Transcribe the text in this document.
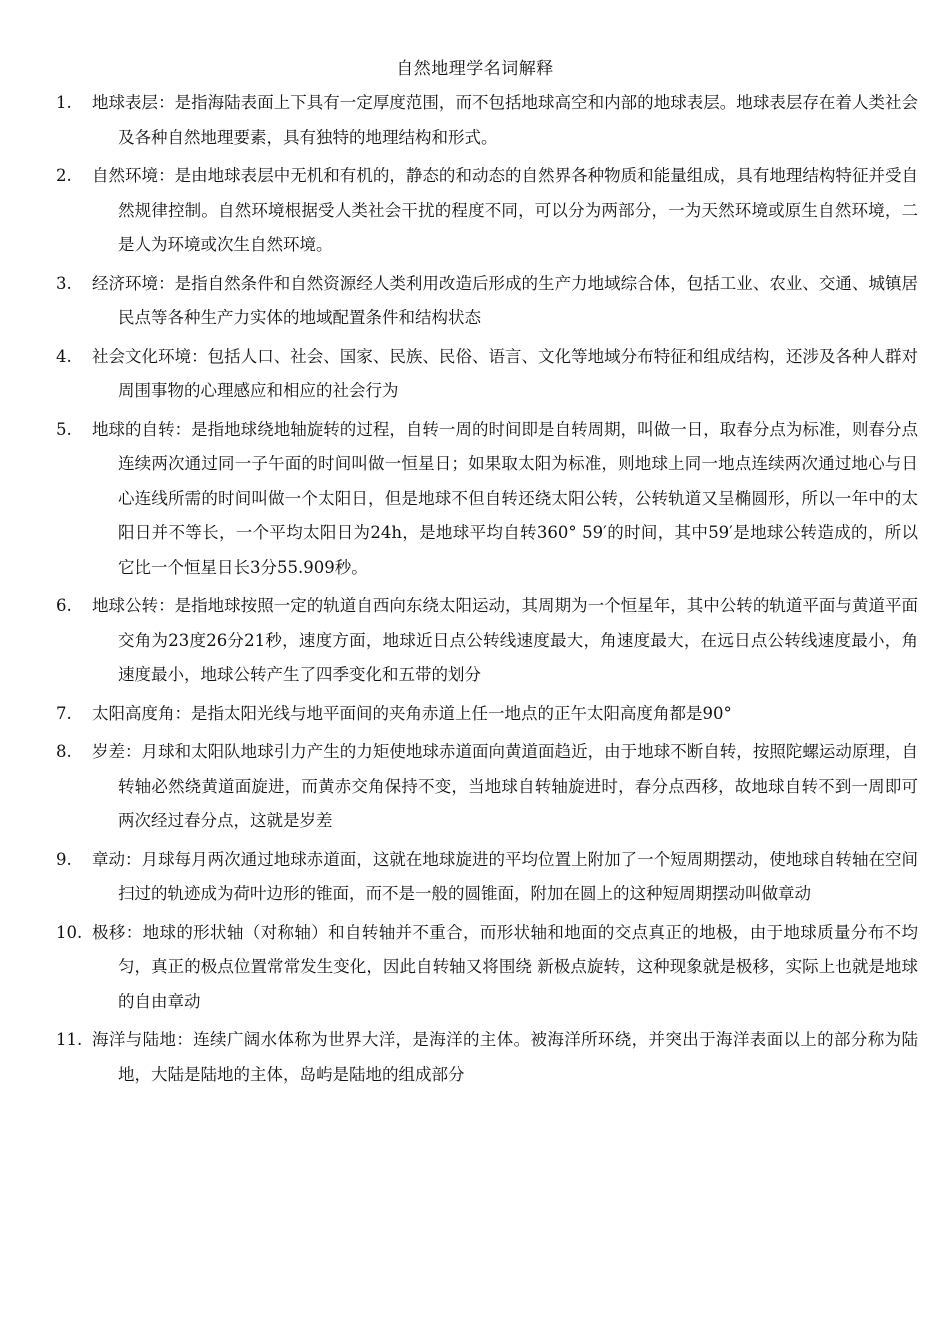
自然地理学名词解释
1. 地球表层：是指海陆表面上下具有一定厚度范围，而不包括地球高空和内部的地球表层。地球表层存在着人类社会及各种自然地理要素，具有独特的地理结构和形式。
2. 自然环境：是由地球表层中无机和有机的，静态的和动态的自然界各种物质和能量组成，具有地理结构特征并受自然规律控制。自然环境根据受人类社会干扰的程度不同，可以分为两部分，一为天然环境或原生自然环境，二是人为环境或次生自然环境。
3. 经济环境：是指自然条件和自然资源经人类利用改造后形成的生产力地域综合体，包括工业、农业、交通、城镇居民点等各种生产力实体的地域配置条件和结构状态
4. 社会文化环境：包括人口、社会、国家、民族、民俗、语言、文化等地域分布特征和组成结构，还涉及各种人群对周围事物的心理感应和相应的社会行为
5. 地球的自转：是指地球绕地轴旋转的过程，自转一周的时间即是自转周期，叫做一日，取春分点为标准，则春分点连续两次通过同一子午面的时间叫做一恒星日；如果取太阳为标准，则地球上同一地点连续两次通过地心与日心连线所需的时间叫做一个太阳日，但是地球不但自转还绕太阳公转，公转轨道又呈椭圆形，所以一年中的太阳日并不等长，一个平均太阳日为24h，是地球平均自转360° 59′的时间，其中59′是地球公转造成的，所以它比一个恒星日长3分55.909秒。
6. 地球公转：是指地球按照一定的轨道自西向东绕太阳运动，其周期为一个恒星年，其中公转的轨道平面与黄道平面交角为23度26分21秒，速度方面，地球近日点公转线速度最大，角速度最大，在远日点公转线速度最小，角速度最小，地球公转产生了四季变化和五带的划分
7. 太阳高度角：是指太阳光线与地平面间的夹角赤道上任一地点的正午太阳高度角都是90°
8. 岁差：月球和太阳队地球引力产生的力矩使地球赤道面向黄道面趋近，由于地球不断自转，按照陀螺运动原理，自转轴必然绕黄道面旋进，而黄赤交角保持不变，当地球自转轴旋进时，春分点西移，故地球自转不到一周即可两次经过春分点，这就是岁差
9. 章动：月球每月两次通过地球赤道面，这就在地球旋进的平均位置上附加了一个短周期摆动，使地球自转轴在空间扫过的轨迹成为荷叶边形的锥面，而不是一般的圆锥面，附加在圆上的这种短周期摆动叫做章动
10. 极移：地球的形状轴（对称轴）和自转轴并不重合，而形状轴和地面的交点真正的地极，由于地球质量分布不均匀，真正的极点位置常常发生变化，因此自转轴又将围绕 新极点旋转，这种现象就是极移，实际上也就是地球的自由章动
11. 海洋与陆地：连续广阔水体称为世界大洋，是海洋的主体。被海洋所环绕，并突出于海洋表面以上的部分称为陆地，大陆是陆地的主体，岛屿是陆地的组成部分
